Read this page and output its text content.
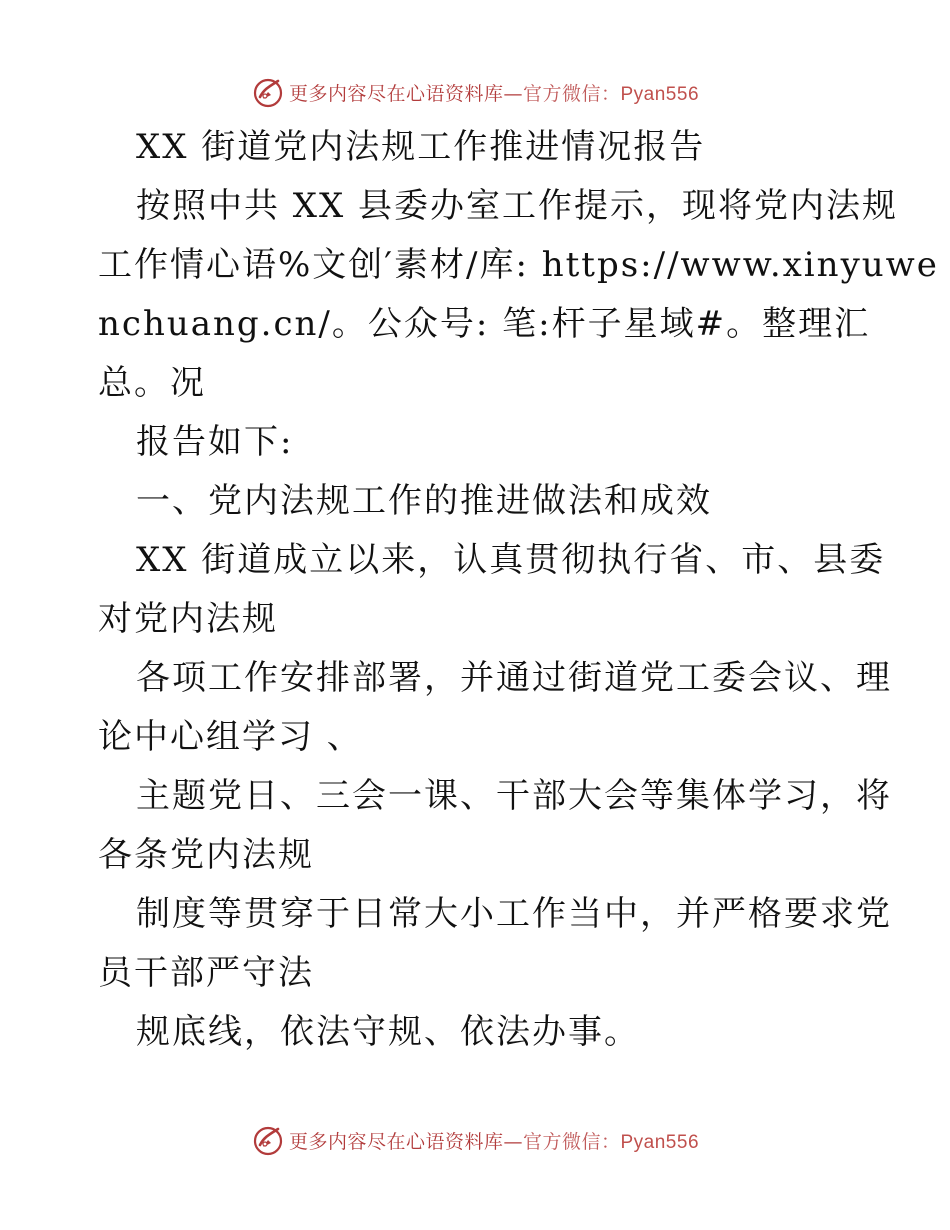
更多内容尽在心语资料库—官方微信：Pyan556
XX 街道党内法规工作推进情况报告
按照中共 XX 县委办室工作提示，现将党内法规
工作情心语%文创′素材/库: https://www.xinyuwe
nchuang.cn/。公众号: 笔:杆子星域#。整理汇
总。况
报告如下:
一、党内法规工作的推进做法和成效
XX 街道成立以来，认真贯彻执行省、市、县委
对党内法规
各项工作安排部署，并通过街道党工委会议、理
论中心组学习 、
主题党日、三会一课、干部大会等集体学习，将
各条党内法规
制度等贯穿于日常大小工作当中，并严格要求党
员干部严守法
规底线，依法守规、依法办事。
更多内容尽在心语资料库—官方微信：Pyan556
